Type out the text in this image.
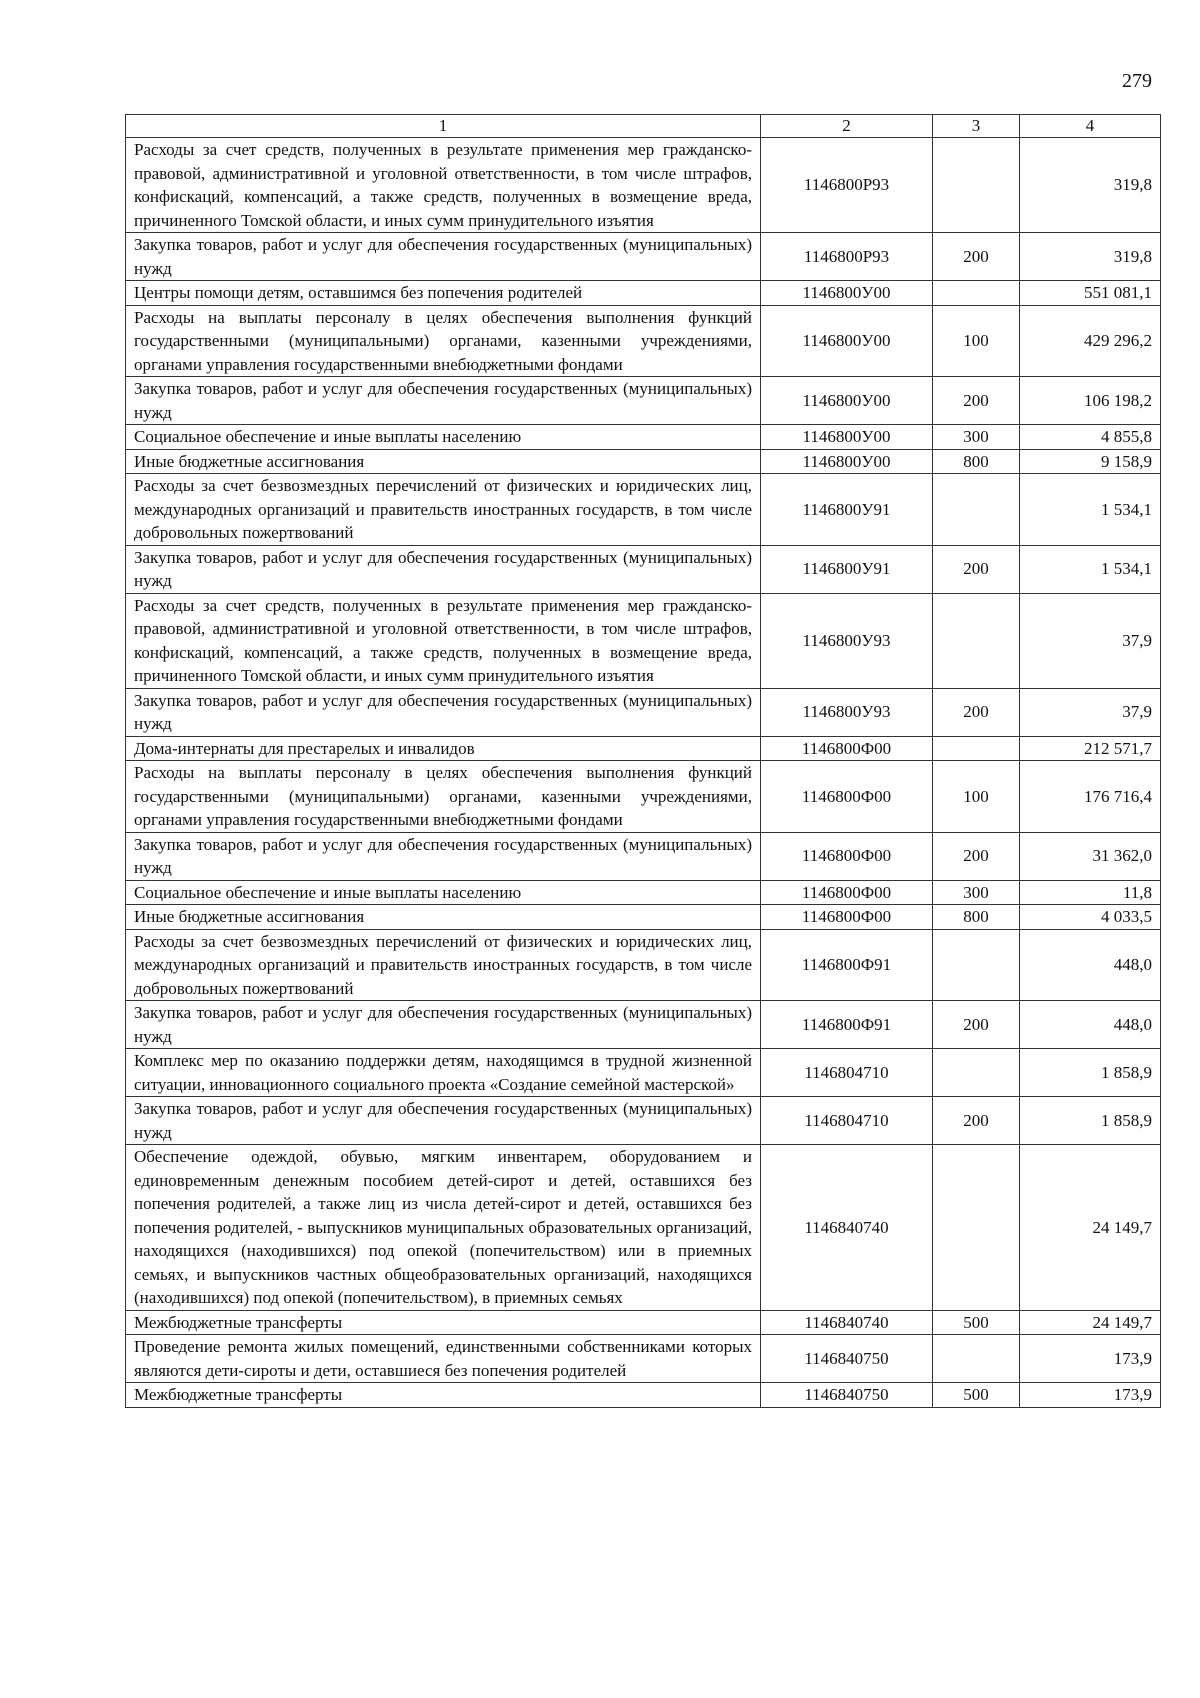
279
1	2	3	4
Расходы за счет средств, полученных в результате применения мер гражданско-правовой, административной и уголовной ответственности, в том числе штрафов, конфискаций, компенсаций, а также средств, полученных в возмещение вреда, причиненного Томской области, и иных сумм принудительного изъятия	1146800Р93		319,8
Закупка товаров, работ и услуг для обеспечения государственных (муниципальных) нужд	1146800Р93	200	319,8
Центры помощи детям, оставшимся без попечения родителей	1146800У00		551 081,1
Расходы на выплаты персоналу в целях обеспечения выполнения функций государственными (муниципальными) органами, казенными учреждениями, органами управления государственными внебюджетными фондами	1146800У00	100	429 296,2
Закупка товаров, работ и услуг для обеспечения государственных (муниципальных) нужд	1146800У00	200	106 198,2
Социальное обеспечение и иные выплаты населению	1146800У00	300	4 855,8
Иные бюджетные ассигнования	1146800У00	800	9 158,9
Расходы за счет безвозмездных перечислений от физических и юридических лиц, международных организаций и правительств иностранных государств, в том числе добровольных пожертвований	1146800У91		1 534,1
Закупка товаров, работ и услуг для обеспечения государственных (муниципальных) нужд	1146800У91	200	1 534,1
Расходы за счет средств, полученных в результате применения мер гражданско-правовой, административной и уголовной ответственности, в том числе штрафов, конфискаций, компенсаций, а также средств, полученных в возмещение вреда, причиненного Томской области, и иных сумм принудительного изъятия	1146800У93		37,9
Закупка товаров, работ и услуг для обеспечения государственных (муниципальных) нужд	1146800У93	200	37,9
Дома-интернаты для престарелых и инвалидов	1146800Ф00		212 571,7
Расходы на выплаты персоналу в целях обеспечения выполнения функций государственными (муниципальными) органами, казенными учреждениями, органами управления государственными внебюджетными фондами	1146800Ф00	100	176 716,4
Закупка товаров, работ и услуг для обеспечения государственных (муниципальных) нужд	1146800Ф00	200	31 362,0
Социальное обеспечение и иные выплаты населению	1146800Ф00	300	11,8
Иные бюджетные ассигнования	1146800Ф00	800	4 033,5
Расходы за счет безвозмездных перечислений от физических и юридических лиц, международных организаций и правительств иностранных государств, в том числе добровольных пожертвований	1146800Ф91		448,0
Закупка товаров, работ и услуг для обеспечения государственных (муниципальных) нужд	1146800Ф91	200	448,0
Комплекс мер по оказанию поддержки детям, находящимся в трудной жизненной ситуации, инновационного социального проекта «Создание семейной мастерской»	1146804710		1 858,9
Закупка товаров, работ и услуг для обеспечения государственных (муниципальных) нужд	1146804710	200	1 858,9
Обеспечение одеждой, обувью, мягким инвентарем, оборудованием и единовременным денежным пособием детей-сирот и детей, оставшихся без попечения родителей, а также лиц из числа детей-сирот и детей, оставшихся без попечения родителей, - выпускников муниципальных образовательных организаций, находящихся (находившихся) под опекой (попечительством) или в приемных семьях, и выпускников частных общеобразовательных организаций, находящихся (находившихся) под опекой (попечительством), в приемных семьях	1146840740		24 149,7
Межбюджетные трансферты	1146840740	500	24 149,7
Проведение ремонта жилых помещений, единственными собственниками которых являются дети-сироты и дети, оставшиеся без попечения родителей	1146840750		173,9
Межбюджетные трансферты	1146840750	500	173,9
